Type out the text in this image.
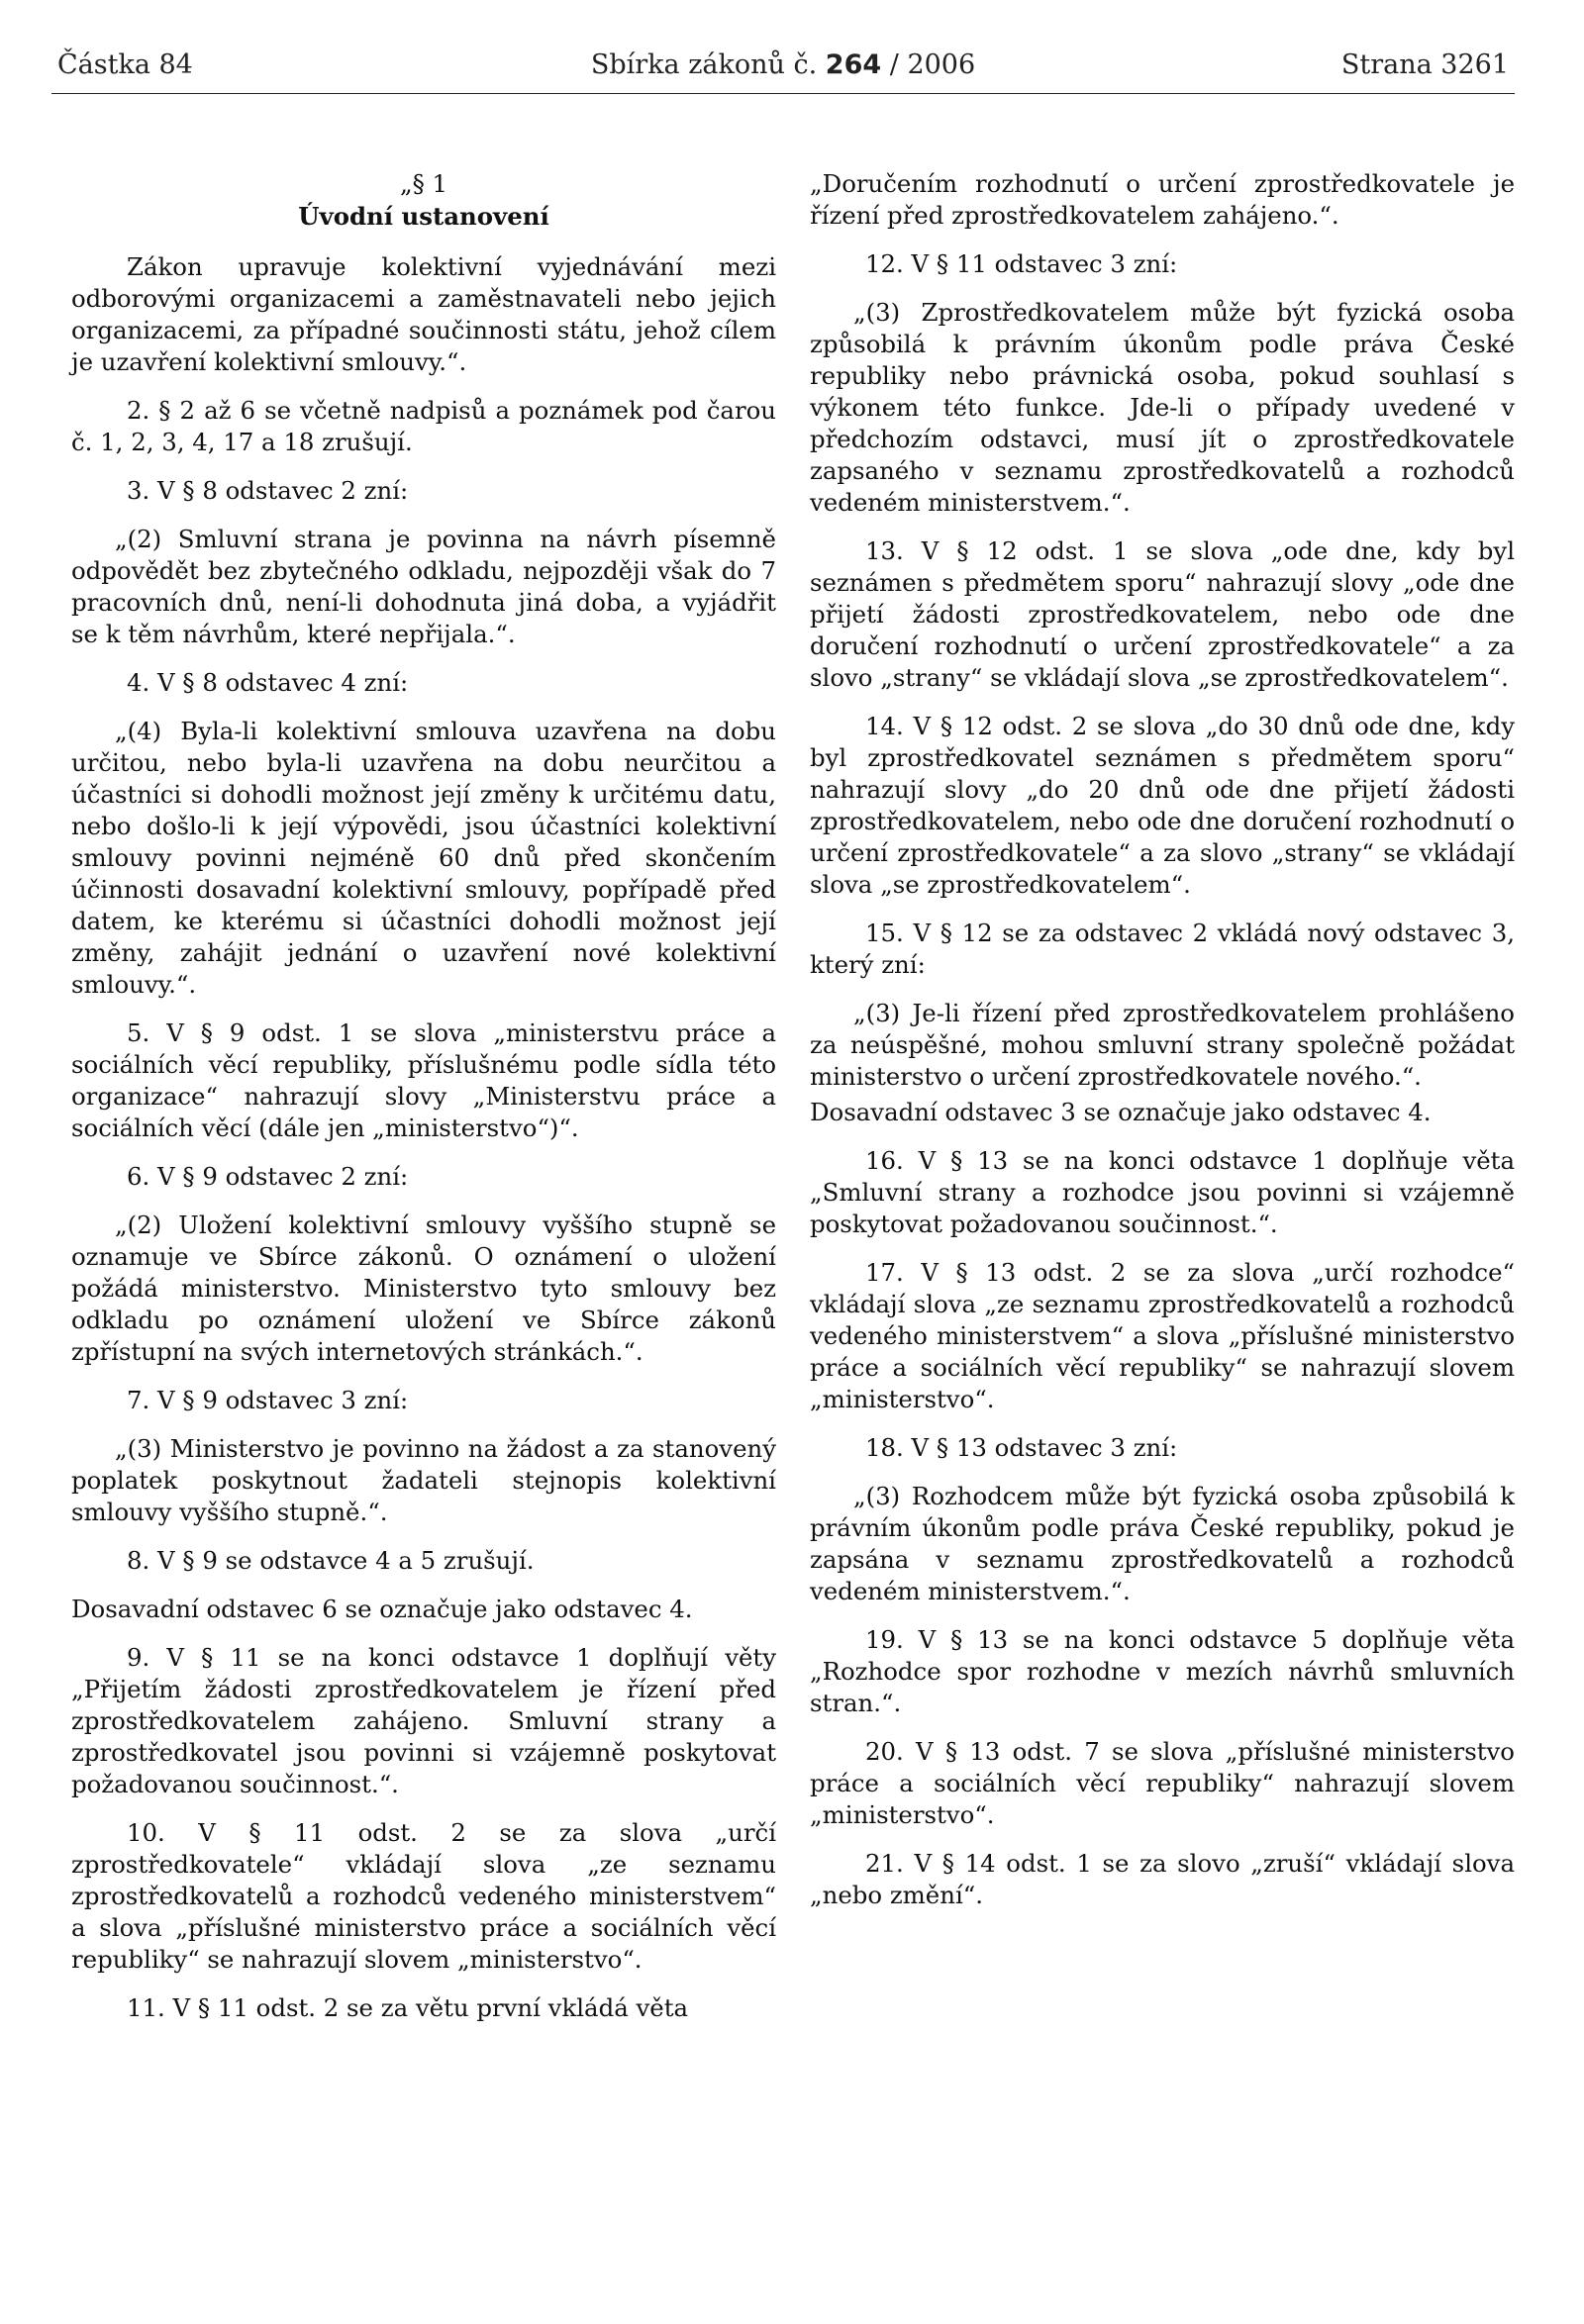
Částka 84	Sbírka zákonů č. 264 / 2006	Strana 3261
„§ 1
Úvodní ustanovení

Zákon upravuje kolektivní vyjednávání mezi odborovými organizacemi a zaměstnavateli nebo jejich organizacemi, za případné součinnosti státu, jehož cílem je uzavření kolektivní smlouvy.“.

2. § 2 až 6 se včetně nadpisů a poznámek pod čarou č. 1, 2, 3, 4, 17 a 18 zrušují.

3. V § 8 odstavec 2 zní:

„(2) Smluvní strana je povinna na návrh písemně odpovědět bez zbytečného odkladu, nejpozději však do 7 pracovních dnů, není-li dohodnuta jiná doba, a vyjádřit se k těm návrhům, které nepřijala.“.

4. V § 8 odstavec 4 zní:

„(4) Byla-li kolektivní smlouva uzavřena na dobu určitou, nebo byla-li uzavřena na dobu neurčitou a účastníci si dohodli možnost její změny k určitému datu, nebo došlo-li k její výpovědi, jsou účastníci kolektivní smlouvy povinni nejméně 60 dnů před skončením účinnosti dosavadní kolektivní smlouvy, popřípadě před datem, ke kterému si účastníci dohodli možnost její změny, zahájit jednání o uzavření nové kolektivní smlouvy.“.

5. V § 9 odst. 1 se slova „ministerstvu práce a sociálních věcí republiky, příslušnému podle sídla této organizace“ nahrazují slovy „Ministerstvu práce a sociálních věcí (dále jen „ministerstvo“)“.

6. V § 9 odstavec 2 zní:

„(2) Uložení kolektivní smlouvy vyššího stupně se oznamuje ve Sbírce zákonů. O oznámení o uložení požádá ministerstvo. Ministerstvo tyto smlouvy bez odkladu po oznámení uložení ve Sbírce zákonů zpřístupní na svých internetových stránkách.“.

7. V § 9 odstavec 3 zní:

„(3) Ministerstvo je povinno na žádost a za stanovený poplatek poskytnout žadateli stejnopis kolektivní smlouvy vyššího stupně.“.

8. V § 9 se odstavce 4 a 5 zrušují.

Dosavadní odstavec 6 se označuje jako odstavec 4.

9. V § 11 se na konci odstavce 1 doplňují věty „Přijetím žádosti zprostředkovatelem je řízení před zprostředkovatelem zahájeno. Smluvní strany a zprostředkovatel jsou povinni si vzájemně poskytovat požadovanou součinnost.“.

10. V § 11 odst. 2 se za slova „určí zprostředkovatele“ vkládají slova „ze seznamu zprostředkovatelů a rozhodců vedeného ministerstvem“ a slova „příslušné ministerstvo práce a sociálních věcí republiky“ se nahrazují slovem „ministerstvo“.

11. V § 11 odst. 2 se za větu první vkládá věta

„Doručením rozhodnutí o určení zprostředkovatele je řízení před zprostředkovatelem zahájeno.“.

12. V § 11 odstavec 3 zní:

„(3) Zprostředkovatelem může být fyzická osoba způsobilá k právním úkonům podle práva České republiky nebo právnická osoba, pokud souhlasí s výkonem této funkce. Jde-li o případy uvedené v předchozím odstavci, musí jít o zprostředkovatele zapsaného v seznamu zprostředkovatelů a rozhodců vedeném ministerstvem.“.

13. V § 12 odst. 1 se slova „ode dne, kdy byl seznámen s předmětem sporu“ nahrazují slovy „ode dne přijetí žádosti zprostředkovatelem, nebo ode dne doručení rozhodnutí o určení zprostředkovatele“ a za slovo „strany“ se vkládají slova „se zprostředkovatelem“.

14. V § 12 odst. 2 se slova „do 30 dnů ode dne, kdy byl zprostředkovatel seznámen s předmětem sporu“ nahrazují slovy „do 20 dnů ode dne přijetí žádosti zprostředkovatelem, nebo ode dne doručení rozhodnutí o určení zprostředkovatele“ a za slovo „strany“ se vkládají slova „se zprostředkovatelem“.

15. V § 12 se za odstavec 2 vkládá nový odstavec 3, který zní:

„(3) Je-li řízení před zprostředkovatelem prohlášeno za neúspěšné, mohou smluvní strany společně požádat ministerstvo o určení zprostředkovatele nového.“.

Dosavadní odstavec 3 se označuje jako odstavec 4.

16. V § 13 se na konci odstavce 1 doplňuje věta „Smluvní strany a rozhodce jsou povinni si vzájemně poskytovat požadovanou součinnost.“.

17. V § 13 odst. 2 se za slova „určí rozhodce“ vkládají slova „ze seznamu zprostředkovatelů a rozhodců vedeného ministerstvem“ a slova „příslušné ministerstvo práce a sociálních věcí republiky“ se nahrazují slovem „ministerstvo“.

18. V § 13 odstavec 3 zní:

„(3) Rozhodcem může být fyzická osoba způsobilá k právním úkonům podle práva České republiky, pokud je zapsána v seznamu zprostředkovatelů a rozhodců vedeném ministerstvem.“.

19. V § 13 se na konci odstavce 5 doplňuje věta „Rozhodce spor rozhodne v mezích návrhů smluvních stran.“.

20. V § 13 odst. 7 se slova „příslušné ministerstvo práce a sociálních věcí republiky“ nahrazují slovem „ministerstvo“.

21. V § 14 odst. 1 se za slovo „zruší“ vkládají slova „nebo změní“.
